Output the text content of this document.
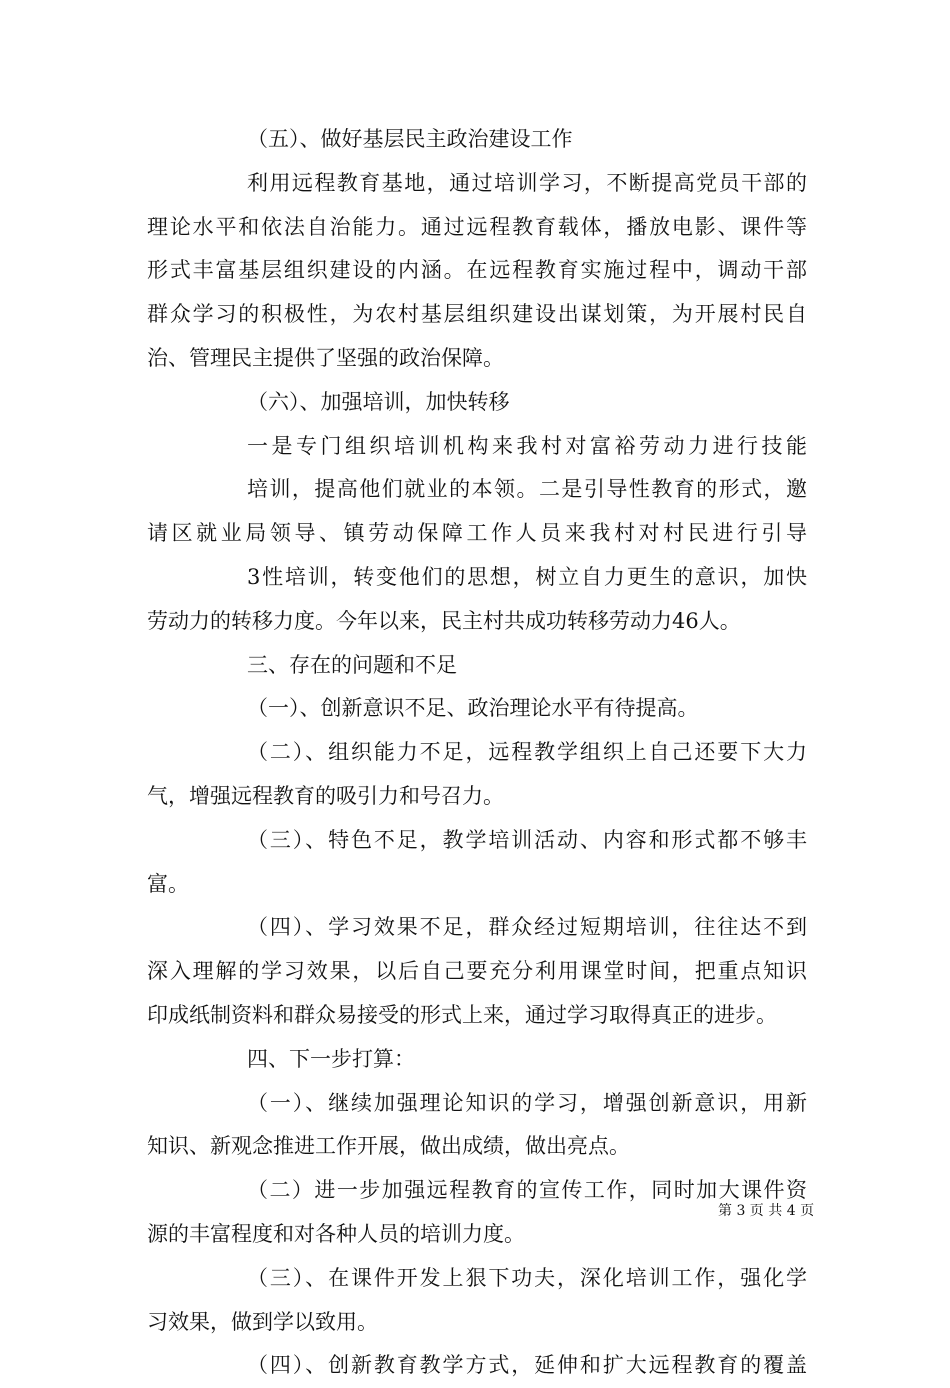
（五）、做好基层民主政治建设工作
利用远程教育基地，通过培训学习，不断提高党员干部的
理论水平和依法自治能力。通过远程教育载体，播放电影、课件等
形式丰富基层组织建设的内涵。在远程教育实施过程中，调动干部
群众学习的积极性，为农村基层组织建设出谋划策，为开展村民自
治、管理民主提供了坚强的政治保障。
（六）、加强培训，加快转移
一是专门组织培训机构来我村对富裕劳动力进行技能
培训，提高他们就业的本领。二是引导性教育的形式，邀
请区就业局领导、镇劳动保障工作人员来我村对村民进行引导
3性培训，转变他们的思想，树立自力更生的意识，加快
劳动力的转移力度。今年以来，民主村共成功转移劳动力46人。
三、存在的问题和不足
（一）、创新意识不足、政治理论水平有待提高。
（二）、组织能力不足，远程教学组织上自己还要下大力
气，增强远程教育的吸引力和号召力。
（三）、特色不足，教学培训活动、内容和形式都不够丰
富。
（四）、学习效果不足，群众经过短期培训，往往达不到
深入理解的学习效果，以后自己要充分利用课堂时间，把重点知识
印成纸制资料和群众易接受的形式上来，通过学习取得真正的进步。
四、下一步打算：
（一）、继续加强理论知识的学习，增强创新意识，用新
知识、新观念推进工作开展，做出成绩，做出亮点。
（二）进一步加强远程教育的宣传工作，同时加大课件资
源的丰富程度和对各种人员的培训力度。
（三）、在课件开发上狠下功夫，深化培训工作，强化学
习效果，做到学以致用。
（四）、创新教育教学方式，延伸和扩大远程教育的覆盖
第 3 页 共 4 页
